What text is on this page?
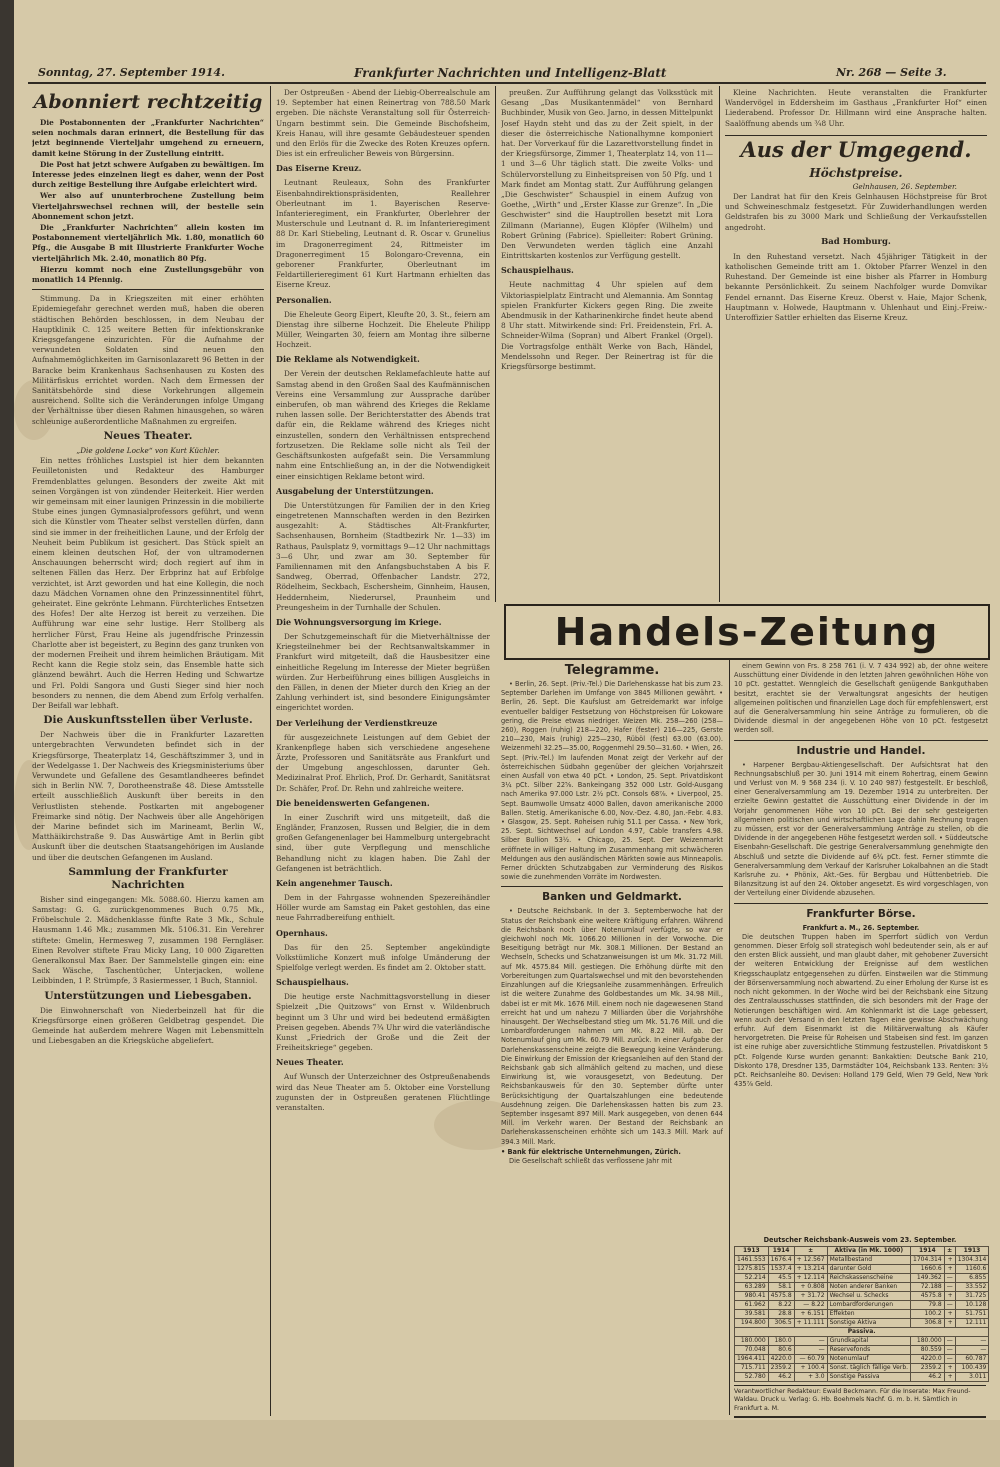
Sonntag, 27. September 1914.	Frankfurter Nachrichten und Intelligenz-Blatt	Nr. 268 — Seite 3.
Abonniert rechtzeitig

Die Postabonnenten der „Frankfurter Nachrichten“ seien nochmals daran erinnert, die Bestellung für das jetzt beginnende Vierteljahr umgehend zu erneuern, damit keine Störung in der Zustellung eintritt.

Die Post hat jetzt schwere Aufgaben zu bewältigen. Im Interesse jedes einzelnen liegt es daher, wenn der Post durch zeitige Bestellung ihre Aufgabe erleichtert wird.

Wer also auf ununterbrochene Zustellung beim Vierteljahrswechsel rechnen will, der bestelle sein Abonnement schon jetzt.

Die „Frankfurter Nachrichten“ allein kosten im Postabonnement vierteljährlich Mk. 1.80, monatlich 60 Pfg., die Ausgabe B mit Illustrierte Frankfurter Woche vierteljährlich Mk. 2.40, monatlich 80 Pfg.

Hierzu kommt noch eine Zustellungsgebühr von monatlich 14 Pfennig.

Stimmung. Da in Kriegszeiten mit einer erhöhten Epidemiegefahr gerechnet werden muß, haben die oberen städtischen Behörden beschlossen, in dem Neubau der Hauptklinik C. 125 weitere Betten für infektionskranke Kriegsgefangene einzurichten. Für die Aufnahme der verwundeten Soldaten sind neuen den Aufnahmemöglichkeiten im Garnisonlazarett 96 Betten in der Baracke beim Krankenhaus Sachsenhausen zu Kosten des Militärfiskus errichtet worden. Nach dem Ermessen der Sanitätsbehörde sind diese Vorkehrungen allgemein ausreichend. Sollte sich die Veränderungen infolge Umgang der Verhältnisse über diesen Rahmen hinausgehen, so wären schleunige außerordentliche Maßnahmen zu ergreifen.

Neues Theater.
„Die goldene Locke“ von Kurt Küchler.

Ein nettes fröhliches Lustspiel ist hier dem bekannten Feuilletonisten und Redakteur des Hamburger Fremdenblattes gelungen. Besonders der zweite Akt mit seinen Vorgängen ist von zündender Heiterkeit. Hier werden wir gemeinsam mit einer launigen Prinzessin in die mobilierte Stube eines jungen Gymnasialprofessors geführt, und wenn sich die Künstler vom Theater selbst verstellen dürfen, dann sind sie immer in der freiheitlichen Laune, und der Erfolg der Neuheit beim Publikum ist gesichert. Das Stück spielt an einem kleinen deutschen Hof, der von ultramodernen Anschauungen beherrscht wird; doch regiert auf ihm in seltenen Fällen das Herz. Der Erbprinz hat auf Erbfolge verzichtet, ist Arzt geworden und hat eine Kollegin, die noch dazu Mädchen Vornamen ohne den Prinzessinnentitel führt, geheiratet. Eine gekrönte Lehmann. Fürchterliches Entsetzen des Hofes! Der alte Herzog ist bereit zu verzeihen. Die Aufführung war eine sehr lustige. Herr Stollberg als herrlicher Fürst, Frau Heine als jugendfrische Prinzessin Charlotte aber ist begeistert, zu Beginn des ganz trunken von der modernen Freiheit und ihrem heimlichen Bräutigam. Mit Recht kann die Regie stolz sein, das Ensemble hatte sich glänzend bewährt. Auch die Herren Heding und Schwartze und Frl. Poldi Sangora und Gusti Sieger sind hier noch besonders zu nennen, die dem Abend zum Erfolg verhalfen. Der Beifall war lebhaft.

Die Auskunftsstellen über Verluste.

Der Nachweis über die in Frankfurter Lazaretten untergebrachten Verwundeten befindet sich in der Kriegsfürsorge, Theaterplatz 14, Geschäftszimmer 3, und in der Wedelgasse 1. Der Nachweis des Kriegsministeriums über Verwundete und Gefallene des Gesamtlandheeres befindet sich in Berlin NW. 7, Dorotheenstraße 48. Diese Amtsstelle erteilt ausschließlich Auskunft über bereits in den Verlustlisten stehende. Postkarten mit angebogener Freimarke sind nötig. Der Nachweis über alle Angehörigen der Marine befindet sich im Marineamt, Berlin W., Matthäikirchstraße 9. Das Auswärtige Amt in Berlin gibt Auskunft über die deutschen Staatsangehörigen im Auslande und über die deutschen Gefangenen im Ausland.

Sammlung der Frankfurter Nachrichten

Bisher sind eingegangen: Mk. 5088.60. Hierzu kamen am Samstag: G. G. zurückgenommenes Buch 0.75 Mk., Fröbelschule 2. Mädchenklasse fünfte Rate 3 Mk., Schule Hausmann 1.46 Mk.; zusammen Mk. 5106.31. Ein Verehrer stiftete: Gmelin, Hermesweg 7, zusammen 198 Ferngläser. Einen Revolver stiftete Frau Micky Lang, 10 000 Zigaretten Generalkonsul Max Baer. Der Sammelstelle gingen ein: eine Sack Wäsche, Taschentücher, Unterjacken, wollene Leibbinden, 1 P. Strümpfe, 3 Rasiermesser, 1 Buch, Stanniol.

Unterstützungen und Liebesgaben.

Die Einwohnerschaft von Niederbeinzell hat für die Kriegsfürsorge einen größeren Geldbetrag gespendet. Die Gemeinde hat außerdem mehrere Wagen mit Lebensmitteln und Liebesgaben an die Kriegsküche abgeliefert.

Der Ostpreußen - Abend der Liebig-Oberrealschule am 19. September hat einen Reinertrag von 788.50 Mark ergeben. Die nächste Veranstaltung soll für Österreich-Ungarn bestimmt sein. Die Gemeinde Bischofsheim, Kreis Hanau, will ihre gesamte Gebäudesteuer spenden und den Erlös für die Zwecke des Roten Kreuzes opfern. Dies ist ein erfreulicher Beweis von Bürgersinn.

Das Eiserne Kreuz.

Leutnant Reuleaux, Sohn des Frankfurter Eisenbahndirektionspräsidenten, Reallehrer Oberleutnant im 1. Bayerischen Reserve-Infanterieregiment, ein Frankfurter, Oberlehrer der Musterschule und Leutnant d. R. im Infanterieregiment 88 Dr. Karl Stiebeling, Leutnant d. R. Oscar v. Grunelius im Dragonerregiment 24, Rittmeister im Dragonerregiment 15 Bolongaro-Crevenna, ein geborener Frankfurter, Oberleutnant im Feldartillerieregiment 61 Kurt Hartmann erhielten das Eiserne Kreuz.

Personalien.

Die Eheleute Georg Eipert, Kleufte 20, 3. St., feiern am Dienstag ihre silberne Hochzeit. Die Eheleute Philipp Müller, Weingarten 30, feiern am Montag ihre silberne Hochzeit.

Die Reklame als Notwendigkeit.

Der Verein der deutschen Reklamefachleute hatte auf Samstag abend in den Großen Saal des Kaufmännischen Vereins eine Versammlung zur Aussprache darüber einberufen, ob man während des Krieges die Reklame ruhen lassen solle. Der Berichterstatter des Abends trat dafür ein, die Reklame während des Krieges nicht einzustellen, sondern den Verhältnissen entsprechend fortzusetzen. Die Reklame solle nicht als Teil der Geschäftsunkosten aufgefaßt sein. Die Versammlung nahm eine Entschließung an, in der die Notwendigkeit einer einsichtigen Reklame betont wird.

Ausgabelung der Unterstützungen.

Die Unterstützungen für Familien der in den Krieg eingetretenen Mannschaften werden in den Bezirken ausgezahlt: A. Städtisches Alt-Frankfurter, Sachsenhausen, Bornheim (Stadtbezirk Nr. 1—33) im Rathaus, Paulsplatz 9, vormittags 9—12 Uhr nachmittags 3—6 Uhr, und zwar am 30. September für Familiennamen mit den Anfangsbuchstaben A bis F. Sandweg, Oberrad, Offenbacher Landstr. 272, Rödelheim, Seckbach, Eschersheim, Ginnheim, Hausen, Heddernheim, Niederursel, Praunheim und Preungesheim in der Turnhalle der Schulen.

Die Wohnungsversorgung im Kriege.

Der Schutzgemeinschaft für die Mietverhältnisse der Kriegsteilnehmer bei der Rechtsanwaltskammer in Frankfurt wird mitgeteilt, daß die Hausbesitzer eine einheitliche Regelung im Interesse der Mieter begrüßen würden. Zur Herbeiführung eines billigen Ausgleichs in den Fällen, in denen der Mieter durch den Krieg an der Zahlung verhindert ist, sind besondere Einigungsämter eingerichtet worden.

Der Verleihung der Verdienstkreuze

für ausgezeichnete Leistungen auf dem Gebiet der Krankenpflege haben sich verschiedene angesehene Ärzte, Professoren und Sanitätsräte aus Frankfurt und der Umgebung angeschlossen, darunter Geh. Medizinalrat Prof. Ehrlich, Prof. Dr. Gerhardt, Sanitätsrat Dr. Schäfer, Prof. Dr. Rehn und zahlreiche weitere.

Die beneidenswerten Gefangenen.

In einer Zuschrift wird uns mitgeteilt, daß die Engländer, Franzosen, Russen und Belgier, die in dem großen Gefangenenlager bei Hammelburg untergebracht sind, über gute Verpflegung und menschliche Behandlung nicht zu klagen haben. Die Zahl der Gefangenen ist beträchtlich.

Kein angenehmer Tausch.

Dem in der Fahrgasse wohnenden Spezereihändler Höller wurde am Samstag ein Paket gestohlen, das eine neue Fahrradbereifung enthielt.

Opernhaus.

Das für den 25. September angekündigte Volkstümliche Konzert muß infolge Umänderung der Spielfolge verlegt werden. Es findet am 2. Oktober statt.

Schauspielhaus.

Die heutige erste Nachmittagsvorstellung in dieser Spielzeit „Die Quitzows“ von Ernst v. Wildenbruch beginnt um 3 Uhr und wird bei bedeutend ermäßigten Preisen gegeben. Abends 7¾ Uhr wird die vaterländische Kunst „Friedrich der Große und die Zeit der Freiheitskriege“ gegeben.

Neues Theater.

Auf Wunsch der Unterzeichner des Ostpreußenabends wird das Neue Theater am 5. Oktober eine Vorstellung zugunsten der in Ostpreußen geratenen Flüchtlinge veranstalten.

preußen. Zur Aufführung gelangt das Volksstück mit Gesang „Das Musikantenmädel“ von Bernhard Buchbinder, Musik von Geo. Jarno, in dessen Mittelpunkt Josef Haydn steht und das zu der Zeit spielt, in der dieser die österreichische Nationalhymne komponiert hat. Der Vorverkauf für die Lazarettvorstellung findet in der Kriegsfürsorge, Zimmer 1, Theaterplatz 14, von 11—1 und 3—6 Uhr täglich statt. Die zweite Volks- und Schülervorstellung zu Einheitspreisen von 50 Pfg. und 1 Mark findet am Montag statt. Zur Aufführung gelangen „Die Geschwister“ Schauspiel in einem Aufzug von Goethe, „Wirth“ und „Erster Klasse zur Grenze“. In „Die Geschwister“ sind die Hauptrollen besetzt mit Lora Zillmann (Marianne), Eugen Klöpfer (Wilhelm) und Robert Grüning (Fabrice). Spielleiter: Robert Grüning. Den Verwundeten werden täglich eine Anzahl Eintrittskarten kostenlos zur Verfügung gestellt.

Schauspielhaus.

Heute nachmittag 4 Uhr spielen auf dem Viktoriaspielplatz Eintracht und Alemannia. Am Sonntag spielen Frankfurter Kickers gegen Ring. Die zweite Abendmusik in der Katharinenkirche findet heute abend 8 Uhr statt. Mitwirkende sind: Frl. Freidenstein, Frl. A. Schneider-Wilma (Sopran) und Albert Frankel (Orgel). Die Vortragsfolge enthält Werke von Bach, Händel, Mendelssohn und Reger. Der Reinertrag ist für die Kriegsfürsorge bestimmt.

Kleine Nachrichten. Heute veranstalten die Frankfurter Wandervögel in Eddersheim im Gasthaus „Frankfurter Hof“ einen Liederabend. Professor Dr. Hillmann wird eine Ansprache halten. Saalöffnung abends um ¾8 Uhr.

Aus der Umgegend.
Höchstpreise.
Gelnhausen, 26. September.

Der Landrat hat für den Kreis Gelnhausen Höchstpreise für Brot und Schweineschmalz festgesetzt. Für Zuwiderhandlungen werden Geldstrafen bis zu 3000 Mark und Schließung der Verkaufsstellen angedroht.

Bad Homburg.

In den Ruhestand versetzt. Nach 45jähriger Tätigkeit in der katholischen Gemeinde tritt am 1. Oktober Pfarrer Wenzel in den Ruhestand. Der Gemeinde ist eine bisher als Pfarrer in Homburg bekannte Persönlichkeit. Zu seinem Nachfolger wurde Domvikar Fendel ernannt. Das Eiserne Kreuz. Oberst v. Haie, Major Schenk, Hauptmann v. Holwede, Hauptmann v. Uhlenhaut und Einj.-Freiw.-Unteroffizier Sattler erhielten das Eiserne Kreuz.

Handels-Zeitung
Telegramme.

• Berlin, 26. Sept. (Priv.-Tel.) Die Darlehenskasse hat bis zum 23. September Darlehen im Umfange von 3845 Millionen gewährt. • Berlin, 26. Sept. Die Kaufslust am Getreidemarkt war infolge eventueller baldiger Festsetzung von Höchstpreisen für Lokoware gering, die Preise etwas niedriger. Weizen Mk. 258—260 (258—260), Roggen (ruhig) 218—220, Hafer (fester) 216—225, Gerste 210—230, Mais (ruhig) 225—230, Rüböl (fest) 63.00 (63.00). Weizenmehl 32.25—35.00, Roggenmehl 29.50—31.60. • Wien, 26. Sept. (Priv.-Tel.) Im laufenden Monat zeigt der Verkehr auf der österreichischen Südbahn gegenüber der gleichen Vorjahrszeit einen Ausfall von etwa 40 pCt. • London, 25. Sept. Privatdiskont 3¼ pCt. Silber 22⅝. Bankeingang 352 000 Lstr. Gold-Ausgang nach Amerika 97.000 Lstr. 2½ pCt. Consols 68⅞. • Liverpool, 25. Sept. Baumwolle Umsatz 4000 Ballen, davon amerikanische 2000 Ballen. Stetig. Amerikanische 6.00, Nov.-Dez. 4.80, Jan.-Febr. 4.83. • Glasgow, 25. Sept. Roheisen ruhig 51.1 per Cassa. • New York, 25. Sept. Sichtwechsel auf London 4.97, Cable transfers 4.98. Silber Bullion 53½. • Chicago, 25. Sept. Der Weizenmarkt eröffnete in williger Haltung im Zusammenhang mit schwächeren Meldungen aus den ausländischen Märkten sowie aus Minneapolis. Ferner drückten Schutzabgaben zur Verminderung des Risikos sowie die zunehmenden Vorräte im Nordwesten.

Banken und Geldmarkt.

• Deutsche Reichsbank. In der 3. Septemberwoche hat der Status der Reichsbank eine weitere Kräftigung erfahren. Während die Reichsbank noch über Notenumlauf verfügte, so war er gleichwohl noch Mk. 1066.20 Millionen in der Vorwoche. Die Beseitigung beträgt nur Mk. 308.1 Millionen. Der Bestand an Wechseln, Schecks und Schatzanweisungen ist um Mk. 31.72 Mill. auf Mk. 4575.84 Mill. gestiegen. Die Erhöhung dürfte mit den Vorbereitungen zum Quartalswechsel und mit den bevorstehenden Einzahlungen auf die Kriegsanleihe zusammenhängen. Erfreulich ist die weitere Zunahme des Goldbestandes um Mk. 34.98 Mill., dabei ist er mit Mk. 1676 Mill. einem noch nie dagewesenen Stand erreicht hat und um nahezu 7 Milliarden über die Vorjahrshöhe hinausgeht. Der Wechselbestand stieg um Mk. 51.76 Mill. und die Lombardforderungen nahmen um Mk. 8.22 Mill. ab. Der Notenumlauf ging um Mk. 60.79 Mill. zurück. In einer Aufgabe der Darlehenskassenscheine zeigte die Bewegung keine Veränderung. Die Einwirkung der Emission der Kriegsanleihen auf den Stand der Reichsbank gab sich allmählich geltend zu machen, und diese Einwirkung ist, wie vorausgesetzt, von Bedeutung. Der Reichsbankausweis für den 30. September dürfte unter Berücksichtigung der Quartalszahlungen eine bedeutende Ausdehnung zeigen. Die Darlehenskassen hatten bis zum 23. September insgesamt 897 Mill. Mark ausgegeben, von denen 644 Mill. im Verkehr waren. Der Bestand der Reichsbank an Darlehenskassenscheinen erhöhte sich um 143.3 Mill. Mark auf 394.3 Mill. Mark.

• Bank für elektrische Unternehmungen, Zürich.

Die Gesellschaft schließt das verflossene Jahr mit

einem Gewinn von Frs. 8 258 761 (i. V. 7 434 992) ab, der ohne weitere Ausschüttung einer Dividende in den letzten Jahren gewöhnlichen Höhe von 10 pCt. gestattet. Wenngleich die Gesellschaft genügende Bankguthaben besitzt, erachtet sie der Verwaltungsrat angesichts der heutigen allgemeinen politischen und finanziellen Lage doch für empfehlenswert, erst auf die Generalversammlung hin seine Anträge zu formulieren, ob die Dividende diesmal in der angegebenen Höhe von 10 pCt. festgesetzt werden soll.

Industrie und Handel.

• Harpener Bergbau-Aktiengesellschaft. Der Aufsichtsrat hat den Rechnungsabschluß per 30. Juni 1914 mit einem Rohertrag, einem Gewinn und Verlust von M. 9 568 234 (i. V. 10 240 987) festgestellt. Er beschloß, einer Generalversammlung am 19. Dezember 1914 zu unterbreiten. Der erzielte Gewinn gestattet die Ausschüttung einer Dividende in der im Vorjahr genommenen Höhe von 10 pCt. Bei der sehr gesteigerten allgemeinen politischen und wirtschaftlichen Lage dahin Rechnung tragen zu müssen, erst vor der Generalversammlung Anträge zu stellen, ob die Dividende in der angegebenen Höhe festgesetzt werden soll. • Süddeutsche Eisenbahn-Gesellschaft. Die gestrige Generalversammlung genehmigte den Abschluß und setzte die Dividende auf 6¾ pCt. fest. Ferner stimmte die Generalversammlung dem Verkauf der Karlsruher Lokalbahnen an die Stadt Karlsruhe zu. • Phönix, Akt.-Ges. für Bergbau und Hüttenbetrieb. Die Bilanzsitzung ist auf den 24. Oktober angesetzt. Es wird vorgeschlagen, von der Verteilung einer Dividende abzusehen.

Frankfurter Börse.
Frankfurt a. M., 26. September.

Die deutschen Truppen haben im Sperrfort südlich von Verdun genommen. Dieser Erfolg soll strategisch wohl bedeutender sein, als er auf den ersten Blick aussieht, und man glaubt daher, mit gehobener Zuversicht der weiteren Entwicklung der Ereignisse auf dem westlichen Kriegsschauplatz entgegensehen zu dürfen. Einstweilen war die Stimmung der Börsenversammlung noch abwartend. Zu einer Erholung der Kurse ist es noch nicht gekommen. In der Woche wird bei der Reichsbank eine Sitzung des Zentralausschusses stattfinden, die sich besonders mit der Frage der Notierungen beschäftigen wird. Am Kohlenmarkt ist die Lage gebessert, wenn auch der Versand in den letzten Tagen eine gewisse Abschwächung erfuhr. Auf dem Eisenmarkt ist die Militärverwaltung als Käufer hervorgetreten. Die Preise für Roheisen und Stabeisen sind fest. Im ganzen ist eine ruhige aber zuversichtliche Stimmung festzustellen. Privatdiskont 5 pCt. Folgende Kurse wurden genannt: Bankaktien: Deutsche Bank 210, Diskonto 178, Dresdner 135, Darmstädter 104, Reichsbank 133. Renten: 3½ pCt. Reichsanleihe 80. Devisen: Holland 179 Geld, Wien 79 Geld, New York 435⅞ Geld.

Deutscher Reichsbank-Ausweis vom 23. September.
1913	1914	±	Aktiva (in Mk. 1000)	1914	±	1913
1461.553	1676.4	+ 12.567	Metallbestand	1704.314	+	1304.314
1275.815	1537.4	+ 13.214	darunter Gold	1660.6	+	1160.6
52.214	45.5	+ 12.114	Reichskassenscheine	149.362	—	6.855
63.289	58.1	+ 0.808	Noten anderer Banken	72.188	—	33.552
980.41	4575.8	+ 31.72	Wechsel u. Schecks	4575.8	+	31.725
61.962	8.22	— 8.22	Lombardforderungen	79.8	—	10.128
39.581	28.8	+ 6.151	Effekten	100.2	+	51.751
194.800	306.5	+ 11.111	Sonstige Aktiva	306.8	+	12.111
Passiva.						
180.000	180.0	—	Grundkapital	180.000	—	—
70.048	80.6	—	Reservefonds	80.559	—	—
1964.411	4220.0	— 60.79	Notenumlauf	4220.0	—	60.787
715.711	2359.2	+ 100.4	Sonst. täglich fällige Verb.	2359.2	+	100.439
52.780	46.2	+ 3.0	Sonstige Passiva	46.2	+	3.011
Verantwortlicher Redakteur: Ewald Beckmann. Für die Inserate: Max Freund-Waldau. Druck u. Verlag: G. Hb. Boehmels Nachf. G. m. b. H. Sämtlich in Frankfurt a. M.
